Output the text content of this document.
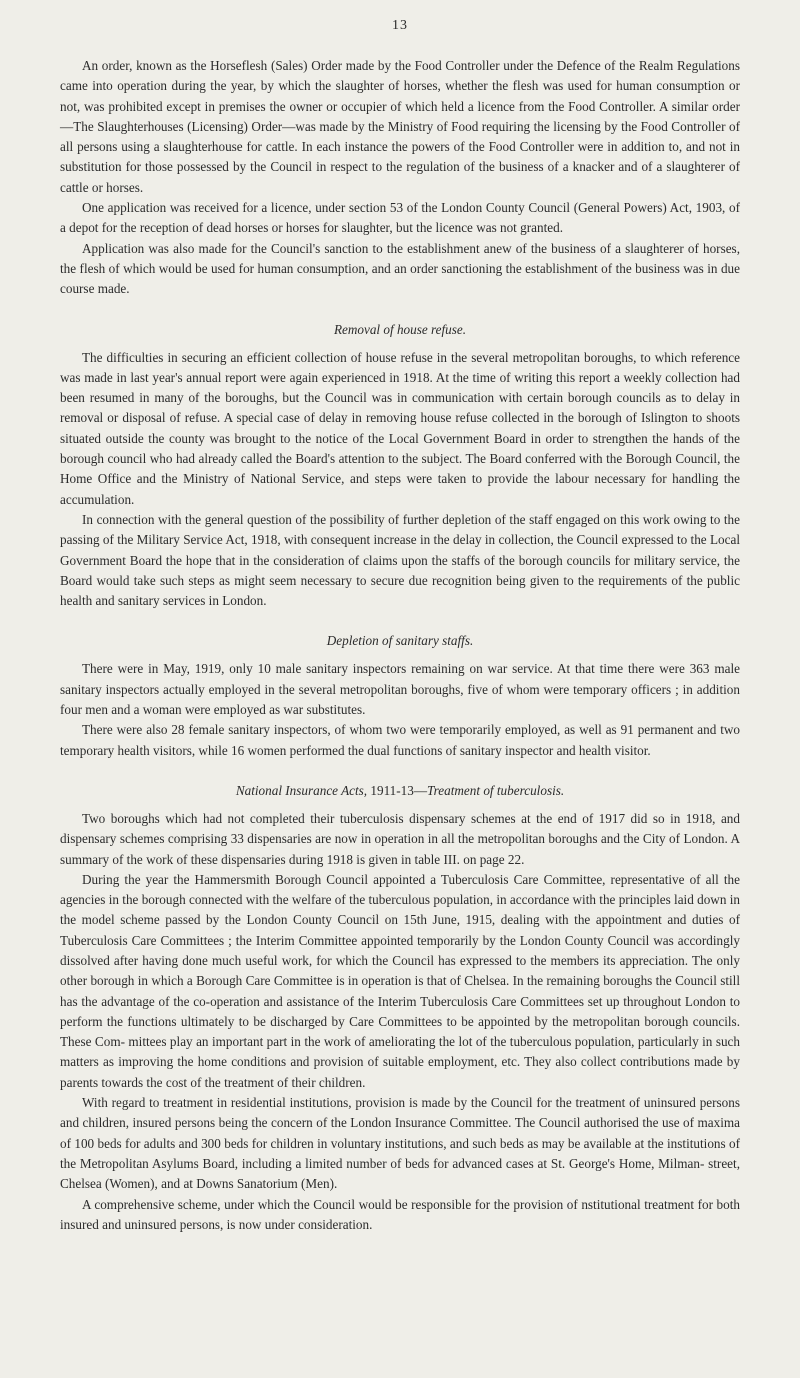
13

An order, known as the Horseflesh (Sales) Order made by the Food Controller under the Defence of the Realm Regulations came into operation during the year, by which the slaughter of horses, whether the flesh was used for human consumption or not, was prohibited except in premises the owner or occupier of which held a licence from the Food Controller. A similar order—The Slaughterhouses (Licensing) Order—was made by the Ministry of Food requiring the licensing by the Food Controller of all persons using a slaughterhouse for cattle. In each instance the powers of the Food Controller were in addition to, and not in substitution for those possessed by the Council in respect to the regulation of the business of a knacker and of a slaughterer of cattle or horses.

One application was received for a licence, under section 53 of the London County Council (General Powers) Act, 1903, of a depot for the reception of dead horses or horses for slaughter, but the licence was not granted.

Application was also made for the Council's sanction to the establishment anew of the business of a slaughterer of horses, the flesh of which would be used for human consumption, and an order sanctioning the establishment of the business was in due course made.

Removal of house refuse.

The difficulties in securing an efficient collection of house refuse in the several metropolitan boroughs, to which reference was made in last year's annual report were again experienced in 1918. At the time of writing this report a weekly collection had been resumed in many of the boroughs, but the Council was in communication with certain borough councils as to delay in removal or disposal of refuse. A special case of delay in removing house refuse collected in the borough of Islington to shoots situated outside the county was brought to the notice of the Local Government Board in order to strengthen the hands of the borough council who had already called the Board's attention to the subject. The Board conferred with the Borough Council, the Home Office and the Ministry of National Service, and steps were taken to provide the labour necessary for handling the accumulation.

In connection with the general question of the possibility of further depletion of the staff engaged on this work owing to the passing of the Military Service Act, 1918, with consequent increase in the delay in collection, the Council expressed to the Local Government Board the hope that in the consideration of claims upon the staffs of the borough councils for military service, the Board would take such steps as might seem necessary to secure due recognition being given to the requirements of the public health and sanitary services in London.

Depletion of sanitary staffs.

There were in May, 1919, only 10 male sanitary inspectors remaining on war service. At that time there were 363 male sanitary inspectors actually employed in the several metropolitan boroughs, five of whom were temporary officers ; in addition four men and a woman were employed as war substitutes.

There were also 28 female sanitary inspectors, of whom two were temporarily employed, as well as 91 permanent and two temporary health visitors, while 16 women performed the dual functions of sanitary inspector and health visitor.

National Insurance Acts, 1911-13—Treatment of tuberculosis.

Two boroughs which had not completed their tuberculosis dispensary schemes at the end of 1917 did so in 1918, and dispensary schemes comprising 33 dispensaries are now in operation in all the metropolitan boroughs and the City of London. A summary of the work of these dispensaries during 1918 is given in table III. on page 22.

During the year the Hammersmith Borough Council appointed a Tuberculosis Care Committee, representative of all the agencies in the borough connected with the welfare of the tuberculous population, in accordance with the principles laid down in the model scheme passed by the London County Council on 15th June, 1915, dealing with the appointment and duties of Tuberculosis Care Committees ; the Interim Committee appointed temporarily by the London County Council was accordingly dissolved after having done much useful work, for which the Council has expressed to the members its appreciation. The only other borough in which a Borough Care Committee is in operation is that of Chelsea. In the remaining boroughs the Council still has the advantage of the co-operation and assistance of the Interim Tuberculosis Care Committees set up throughout London to perform the functions ultimately to be discharged by Care Committees to be appointed by the metropolitan borough councils. These Com- mittees play an important part in the work of ameliorating the lot of the tuberculous population, particularly in such matters as improving the home conditions and provision of suitable employment, etc. They also collect contributions made by parents towards the cost of the treatment of their children.

With regard to treatment in residential institutions, provision is made by the Council for the treatment of uninsured persons and children, insured persons being the concern of the London Insurance Committee. The Council authorised the use of maxima of 100 beds for adults and 300 beds for children in voluntary institutions, and such beds as may be available at the institutions of the Metropolitan Asylums Board, including a limited number of beds for advanced cases at St. George's Home, Milman- street, Chelsea (Women), and at Downs Sanatorium (Men).

A comprehensive scheme, under which the Council would be responsible for the provision of nstitutional treatment for both insured and uninsured persons, is now under consideration.
